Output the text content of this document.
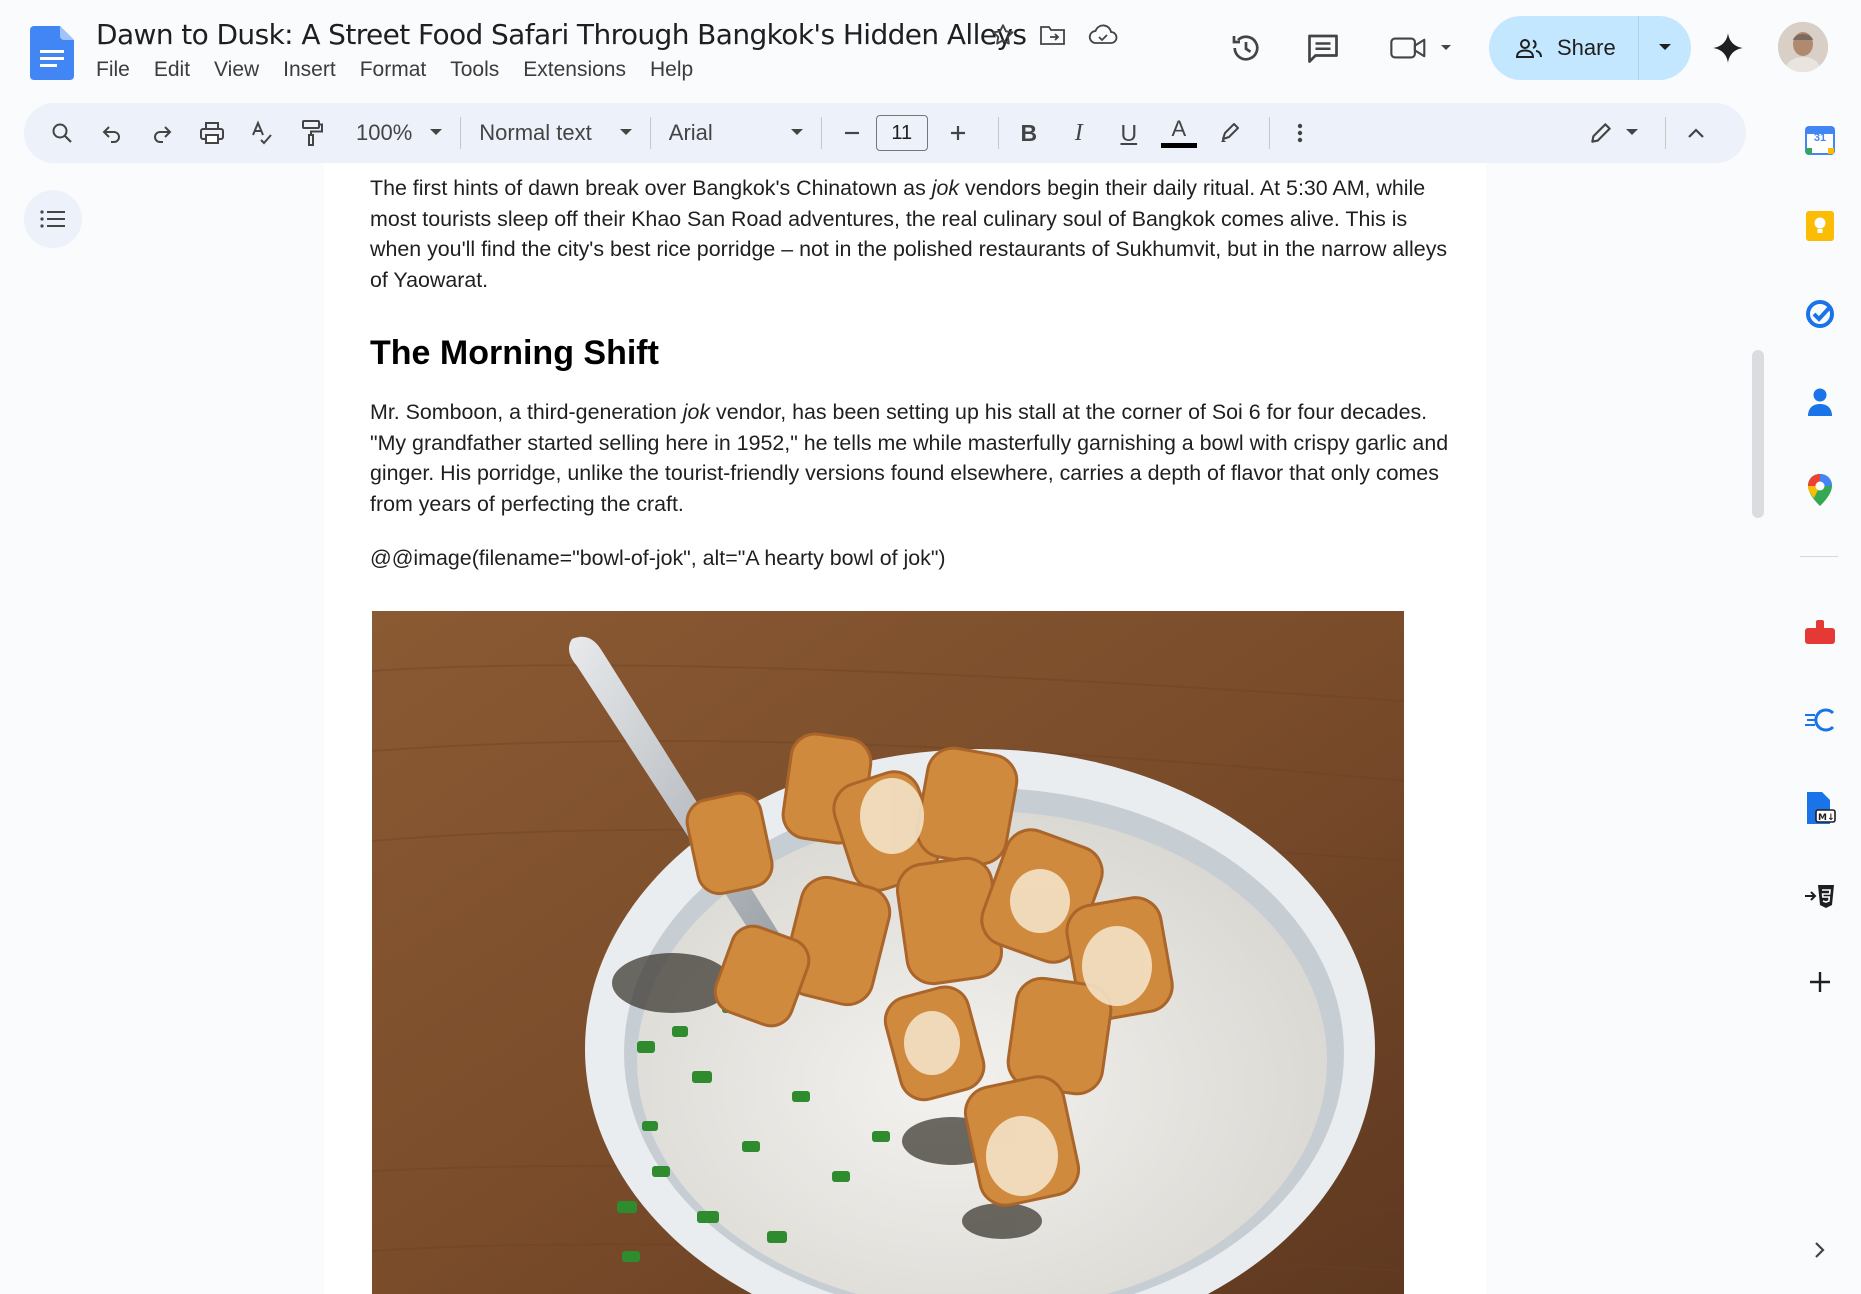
Dawn to Dusk: A Street Food Safari Through Bangkok's Hidden Alleys
File	Edit	View	Insert	Format	Tools	Extensions	Help
Share
100%	Normal text	Arial	11	B	I	U	A

The first hints of dawn break over Bangkok's Chinatown as jok vendors begin their daily ritual. At 5:30 AM, while most tourists sleep off their Khao San Road adventures, the real culinary soul of Bangkok comes alive. This is when you'll find the city's best rice porridge – not in the polished restaurants of Sukhumvit, but in the narrow alleys of Yaowarat.

The Morning Shift

Mr. Somboon, a third-generation jok vendor, has been setting up his stall at the corner of Soi 6 for four decades. "My grandfather started selling here in 1952," he tells me while masterfully garnishing a bowl with crispy garlic and ginger. His porridge, unlike the tourist-friendly versions found elsewhere, carries a depth of flavor that only comes from years of perfecting the craft.

@@image(filename="bowl-of-jok", alt="A hearty bowl of jok")

31
M↓
